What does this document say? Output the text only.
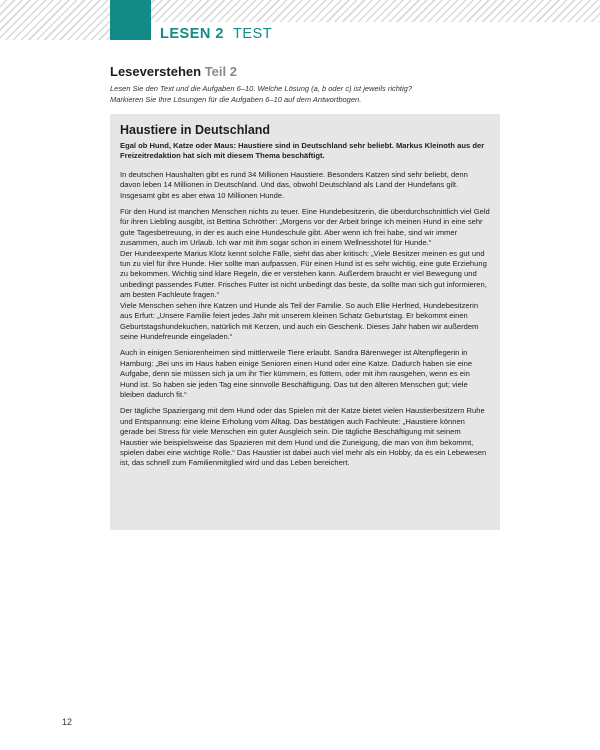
LESEN 2 TEST
Leseverstehen Teil 2
Lesen Sie den Text und die Aufgaben 6–10. Welche Lösung (a, b oder c) ist jeweils richtig?
Markieren Sie Ihre Lösungen für die Aufgaben 6–10 auf dem Antwortbogen.
Haustiere in Deutschland

Egal ob Hund, Katze oder Maus: Haustiere sind in Deutschland sehr beliebt. Markus Kleinoth aus der Freizeitredaktion hat sich mit diesem Thema beschäftigt.

In deutschen Haushalten gibt es rund 34 Millionen Haustiere. Besonders Katzen sind sehr beliebt, denn davon leben 14 Millionen in Deutschland. Und das, obwohl Deutschland als Land der Hundefans gilt. Insgesamt gibt es aber etwa 10 Millionen Hunde.

Für den Hund ist manchen Menschen nichts zu teuer. Eine Hundebesitzerin, die überdurchschnittlich viel Geld für ihren Liebling ausgibt, ist Bettina Schröther: „Morgens vor der Arbeit bringe ich meinen Hund in eine sehr gute Tagesbetreuung, in der es auch eine Hundeschule gibt. Aber wenn ich frei habe, sind wir immer zusammen, auch im Urlaub. Ich war mit ihm sogar schon in einem Wellnesshotel für Hunde.“

Der Hundeexperte Marius Klotz kennt solche Fälle, sieht das aber kritisch: „Viele Besitzer meinen es gut und tun zu viel für ihre Hunde. Hier sollte man aufpassen. Für einen Hund ist es sehr wichtig, eine gute Erziehung zu bekommen. Wichtig sind klare Regeln, die er verstehen kann. Außerdem braucht er viel Bewegung und unbedingt passendes Futter. Frisches Futter ist nicht unbedingt das beste, da sollte man sich gut informieren, am besten Fachleute fragen.“

Viele Menschen sehen ihre Katzen und Hunde als Teil der Familie. So auch Ellie Herfried, Hundebesitzerin aus Erfurt: „Unsere Familie feiert jedes Jahr mit unserem kleinen Schatz Geburtstag. Er bekommt einen Geburtstagshundekuchen, natürlich mit Kerzen, und auch ein Geschenk. Dieses Jahr haben wir außerdem seine Hundefreunde eingeladen.“

Auch in einigen Seniorenheimen sind mittlerweile Tiere erlaubt. Sandra Bärenweger ist Altenpflegerin in Hamburg: „Bei uns im Haus haben einige Senioren einen Hund oder eine Katze. Dadurch haben sie eine Aufgabe, denn sie müssen sich ja um ihr Tier kümmern, es füttern, oder mit ihm rausgehen, wenn es ein Hund ist. So haben sie jeden Tag eine sinnvolle Beschäftigung. Das tut den älteren Menschen gut; viele bleiben dadurch fit.“

Der tägliche Spaziergang mit dem Hund oder das Spielen mit der Katze bietet vielen Haustierbesitzern Ruhe und Entspannung: eine kleine Erholung vom Alltag. Das bestätigen auch Fachleute: „Haustiere können gerade bei Stress für viele Menschen ein guter Ausgleich sein. Die tägliche Beschäftigung mit seinem Haustier wie beispielsweise das Spazieren mit dem Hund und die Zuneigung, die man von ihm bekommt, spielen dabei eine wichtige Rolle.“ Das Haustier ist dabei auch viel mehr als ein Hobby, da es ein Lebewesen ist, das schnell zum Familienmitglied wird und das Leben bereichert.

12
